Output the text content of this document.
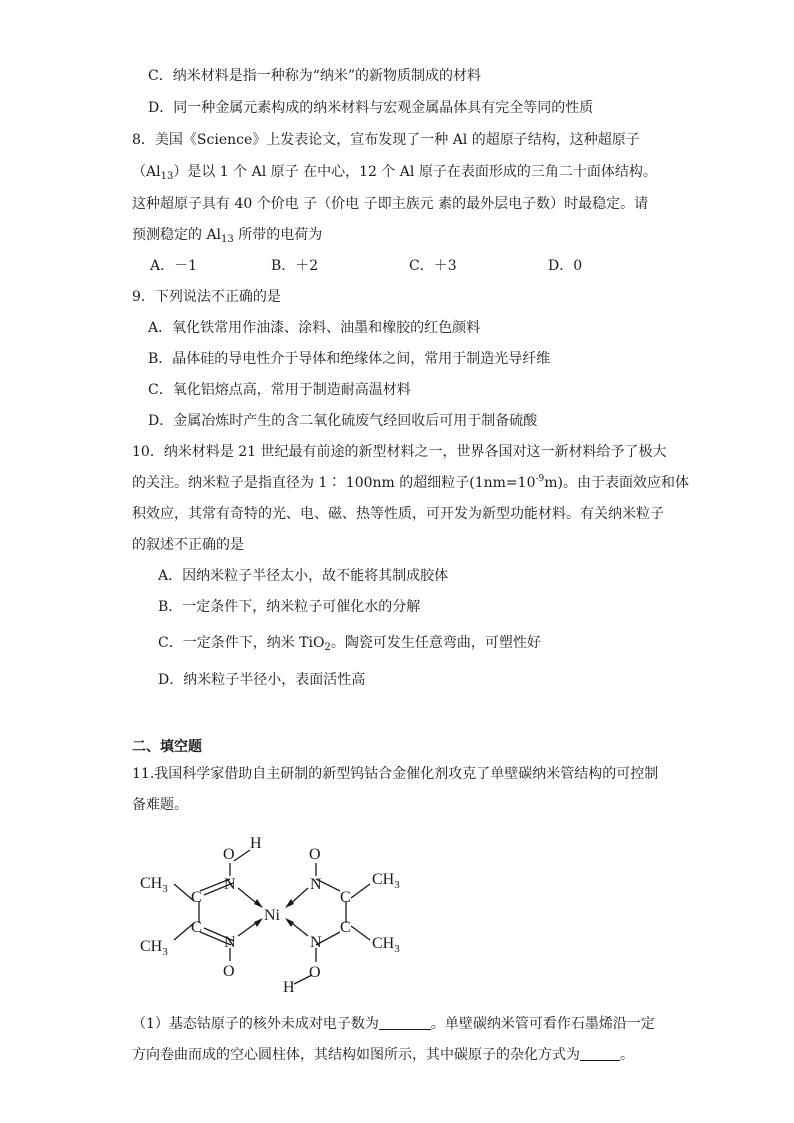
C．纳米材料是指一种称为“纳米”的新物质制成的材料
D．同一种金属元素构成的纳米材料与宏观金属晶体具有完全等同的性质
8．美国《Science》上发表论文，宣布发现了一种 Al 的超原子结构，这种超原子
$(Al_{13})$是以 1 个 Al 原子 在中心，12 个 Al 原子在表面形成的三角二十面体结构。
这种超原子具有 40 个价电 子（价电 子即主族元 素的最外层电子数）时最稳定。请
预测稳定的 $Al_{13}$ 所带的电荷为
A．－1	B．＋2	C．＋3	D．0
9．下列说法不正确的是
A．氧化铁常用作油漆、涂料、油墨和橡胶的红色颜料
B．晶体硅的导电性介于导体和绝缘体之间，常用于制造光导纤维
C．氧化铝熔点高，常用于制造耐高温材料
D．金属冶炼时产生的含二氧化硫废气经回收后可用于制备硫酸
10．纳米材料是 21 世纪最有前途的新型材料之一，世界各国对这一新材料给予了极大
的关注。纳米粒子是指直径为 1∶ 100nm 的超细粒子$(1nm=10^{-9}m)$。由于表面效应和体
积效应，其常有奇特的光、电、磁、热等性质，可开发为新型功能材料。有关纳米粒子
的叙述不正确的是
A．因纳米粒子半径太小，故不能将其制成胶体
B．一定条件下，纳米粒子可催化水的分解
C．一定条件下，纳米 TiO$_2$。陶瓷可发生任意弯曲，可塑性好
D．纳米粒子半径小，表面活性高
二、填空题
11.我国科学家借助自主研制的新型钨钴合金催化剂攻克了单壁碳纳米管结构的可控制
备难题。
O
H
O
N	N
N	N
C
C
C
C
Ni
$CH_3$
$CH_3$
$CH_3$
$CH_3$
O	O
H
（1）基态钴原子的核外未成对电子数为	。单壁碳纳米管可看作石墨烯沿一定
方向卷曲而成的空心圆柱体，其结构如图所示，其中碳原子的杂化方式为	。
